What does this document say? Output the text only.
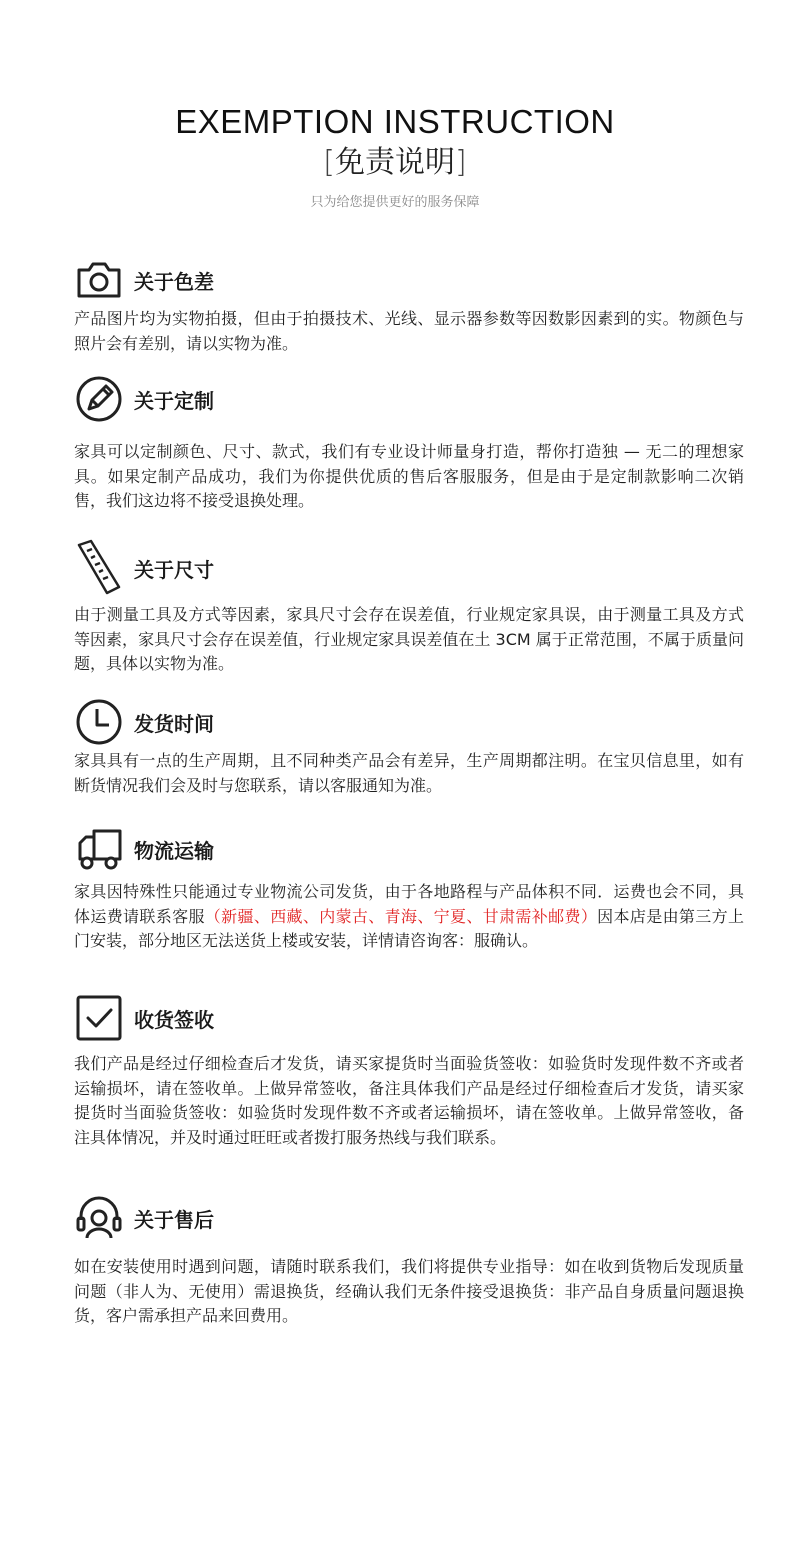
EXEMPTION INSTRUCTION
[免责说明]
只为给您提供更好的服务保障
关于色差

产品图片均为实物拍摄，但由于拍摄技术、光线、显示器参数等因数影因素到的实。物颜色与照片会有差别，请以实物为准。

关于定制

家具可以定制颜色、尺寸、款式，我们有专业设计师量身打造，帮你打造独 — 无二的理想家具。如果定制产品成功，我们为你提供优质的售后客服服务，但是由于是定制款影响二次销售，我们这边将不接受退换处理。

关于尺寸

由于测量工具及方式等因素，家具尺寸会存在误差值，行业规定家具误，由于测量工具及方式等因素，家具尺寸会存在误差值，行业规定家具误差值在土 3CM 属于正常范围，不属于质量问题，具体以实物为准。

发货时间

家具具有一点的生产周期，且不同种类产品会有差异，生产周期都注明。在宝贝信息里，如有断货情况我们会及时与您联系，请以客服通知为准。

物流运输

家具因特殊性只能通过专业物流公司发货，由于各地路程与产品体积不同．运费也会不同，具体运费请联系客服（新疆、西藏、内蒙古、青海、宁夏、甘肃需补邮费）因本店是由第三方上门安装，部分地区无法送货上楼或安装，详情请咨询客：服确认。

收货签收

我们产品是经过仔细检查后才发货，请买家提货时当面验货签收：如验货时发现件数不齐或者运输损坏，请在签收单。上做异常签收，备注具体我们产品是经过仔细检查后才发货，请买家提货时当面验货签收：如验货时发现件数不齐或者运输损坏，请在签收单。上做异常签收，备注具体情况，并及时通过旺旺或者拨打服务热线与我们联系。

关于售后

如在安装使用时遇到问题，请随时联系我们，我们将提供专业指导：如在收到货物后发现质量问题（非人为、无使用）需退换货，经确认我们无条件接受退换货：非产品自身质量问题退换货，客户需承担产品来回费用。
